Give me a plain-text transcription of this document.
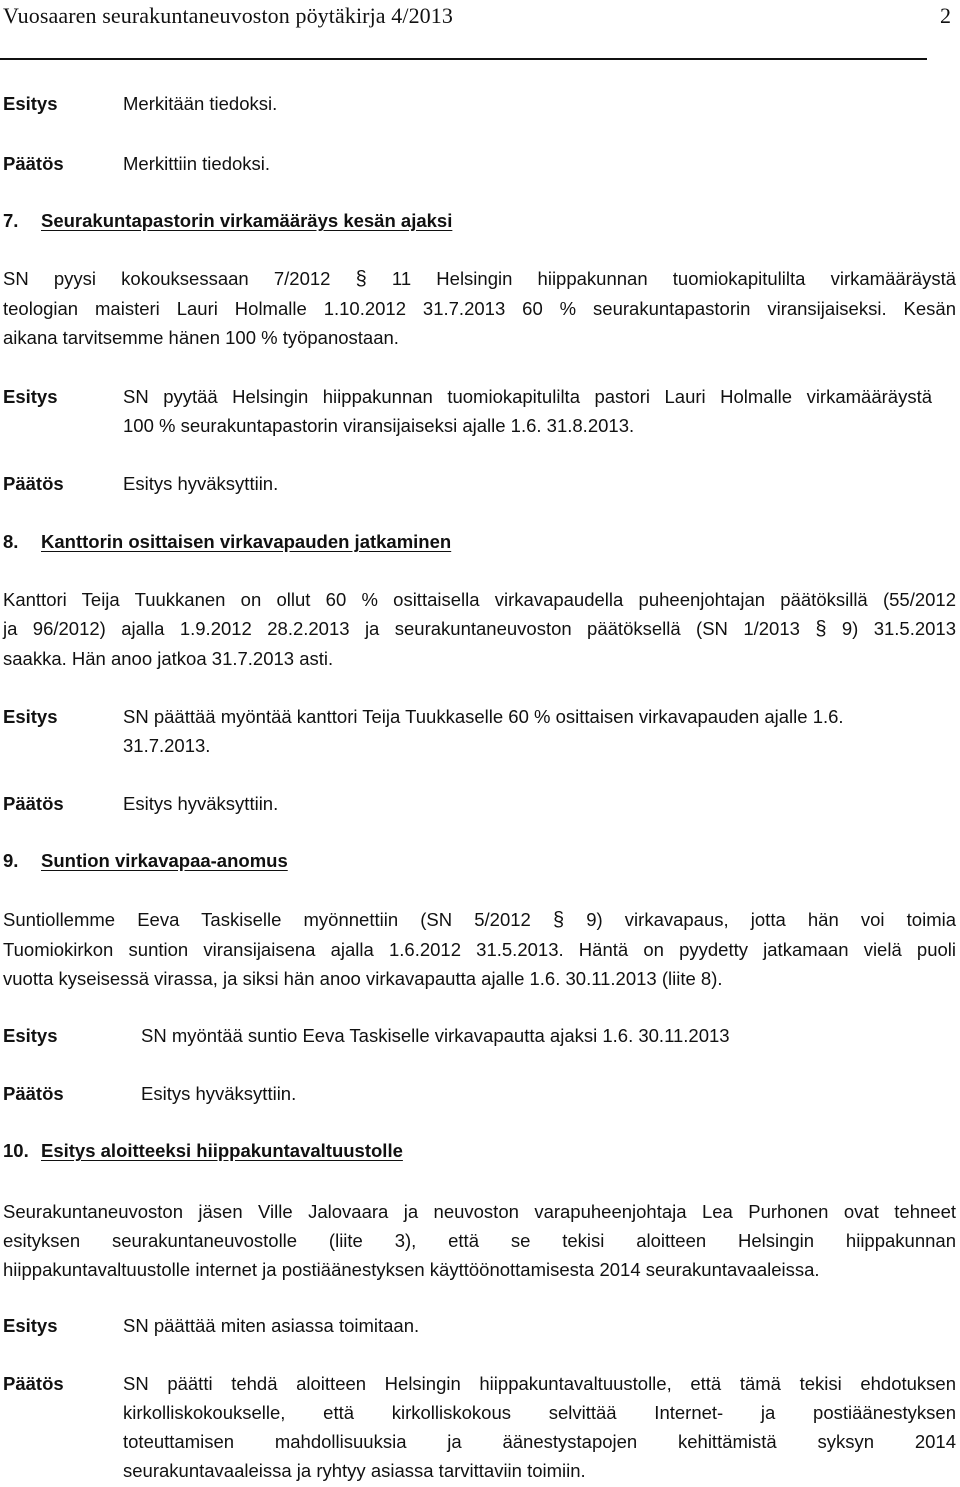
Vuosaaren seurakuntaneuvoston pöytäkirja 4/2013	2
Esitys	Merkitään tiedoksi.
Päätös	Merkittiin tiedoksi.
7. Seurakuntapastorin virkamääräys kesän ajaksi
SN pyysi kokouksessaan 7/2012 § 11 Helsingin hiippakunnan tuomiokapitulilta virkamääräystä
teologian maisteri Lauri Holmalle 1.10.2012 31.7.2013 60 % seurakuntapastorin viransijaiseksi. Kesän
aikana tarvitsemme hänen 100 % työpanostaan.
Esitys	SN pyytää Helsingin hiippakunnan tuomiokapitulilta pastori Lauri Holmalle virkamääräystä
100 % seurakuntapastorin viransijaiseksi ajalle 1.6. 31.8.2013.
Päätös	Esitys hyväksyttiin.
8. Kanttorin osittaisen virkavapauden jatkaminen
Kanttori Teija Tuukkanen on ollut 60 % osittaisella virkavapaudella puheenjohtajan päätöksillä (55/2012
ja 96/2012) ajalla 1.9.2012 28.2.2013 ja seurakuntaneuvoston päätöksellä (SN 1/2013 § 9) 31.5.2013
saakka. Hän anoo jatkoa 31.7.2013 asti.
Esitys	SN päättää myöntää kanttori Teija Tuukkaselle 60 % osittaisen virkavapauden ajalle 1.6.
31.7.2013.
Päätös	Esitys hyväksyttiin.
9. Suntion virkavapaa-anomus
Suntiollemme Eeva Taskiselle myönnettiin (SN 5/2012 § 9) virkavapaus, jotta hän voi toimia
Tuomiokirkon suntion viransijaisena ajalla 1.6.2012 31.5.2013. Häntä on pyydetty jatkamaan vielä puoli
vuotta kyseisessä virassa, ja siksi hän anoo virkavapautta ajalle 1.6. 30.11.2013 (liite 8).
Esitys	SN myöntää suntio Eeva Taskiselle virkavapautta ajaksi 1.6. 30.11.2013
Päätös	Esitys hyväksyttiin.
10. Esitys aloitteeksi hiippakuntavaltuustolle
Seurakuntaneuvoston jäsen Ville Jalovaara ja neuvoston varapuheenjohtaja Lea Purhonen ovat tehneet
esityksen seurakuntaneuvostolle (liite 3), että se tekisi aloitteen Helsingin hiippakunnan
hiippakuntavaltuustolle internet ja postiäänestyksen käyttöönottamisesta 2014 seurakuntavaaleissa.
Esitys	SN päättää miten asiassa toimitaan.
Päätös	SN päätti tehdä aloitteen Helsingin hiippakuntavaltuustolle, että tämä tekisi ehdotuksen
kirkolliskokoukselle, että kirkolliskokous selvittää Internet- ja postiäänestyksen
toteuttamisen mahdollisuuksia ja äänestystapojen kehittämistä syksyn 2014
seurakuntavaaleissa ja ryhtyy asiassa tarvittaviin toimiin.
